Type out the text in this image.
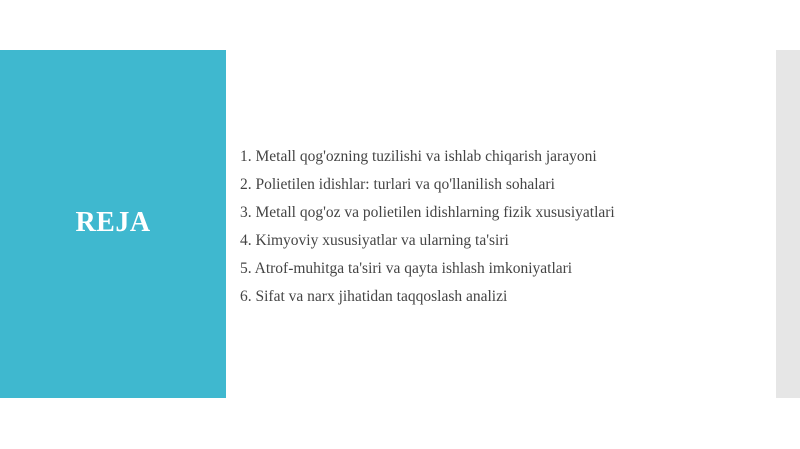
REJA
1. Metall qog'ozning tuzilishi va ishlab chiqarish jarayoni
2. Polietilen idishlar: turlari va qo'llanilish sohalari
3. Metall qog'oz va polietilen idishlarning fizik xususiyatlari
4. Kimyoviy xususiyatlar va ularning ta'siri
5. Atrof-muhitga ta'siri va qayta ishlash imkoniyatlari
6. Sifat va narx jihatidan taqqoslash analizi
